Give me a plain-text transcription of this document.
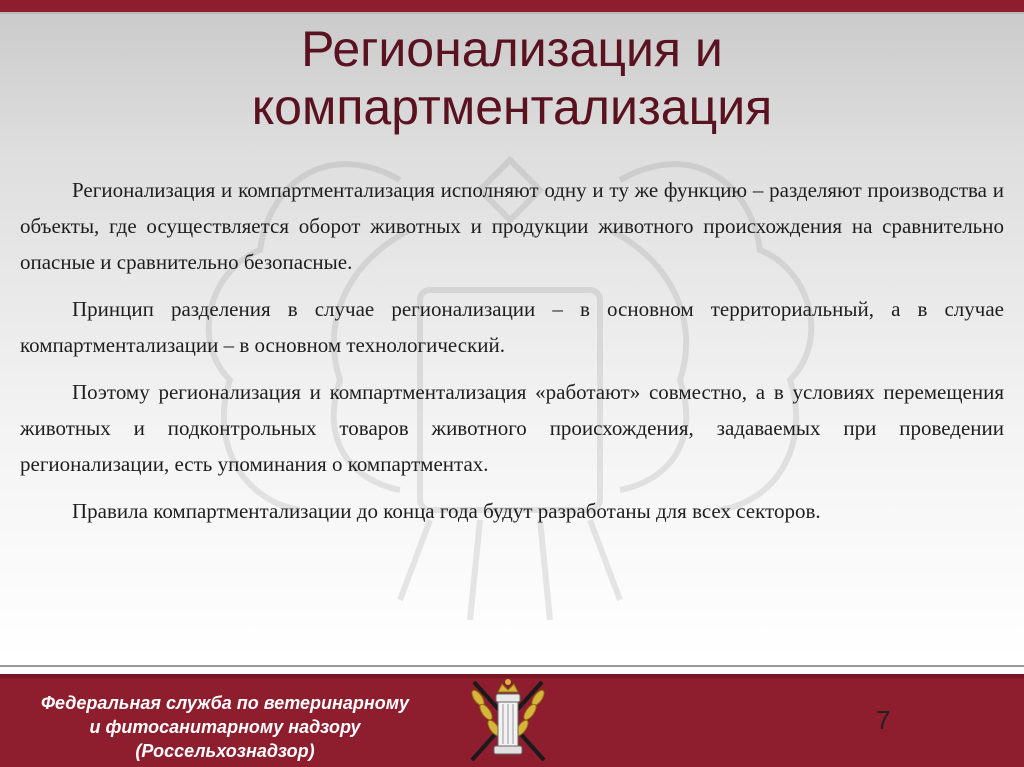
Регионализация и
компартментализация

Регионализация и компартментализация исполняют одну и ту же функцию – разделяют производства и объекты, где осуществляется оборот животных и продукции животного происхождения на сравнительно опасные и сравнительно безопасные.

Принцип разделения в случае регионализации – в основном территориальный, а в случае компартментализации – в основном технологический.

Поэтому регионализация и компартментализация «работают» совместно, а в условиях перемещения животных и подконтрольных товаров животного происхождения, задаваемых при проведении регионализации, есть упоминания о компартментах.

Правила компартментализации до конца года будут разработаны для всех секторов.

Федеральная служба по ветеринарному
и фитосанитарному надзору
(Россельхознадзор)
7
